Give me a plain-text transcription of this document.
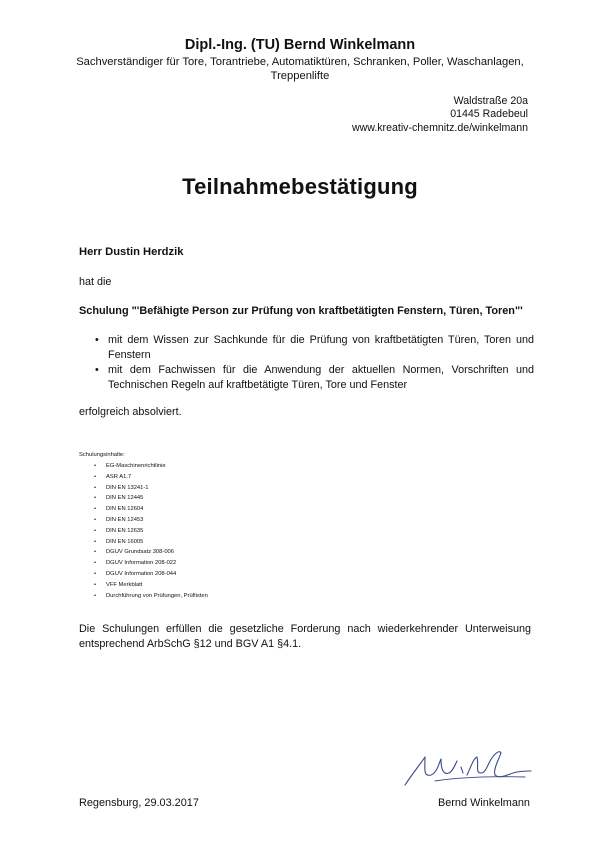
Dipl.-Ing. (TU) Bernd Winkelmann
Sachverständiger für Tore, Torantriebe, Automatiktüren, Schranken, Poller, Waschanlagen, Treppenlifte
Waldstraße 20a
01445 Radebeul
www.kreativ-chemnitz.de/winkelmann
Teilnahmebestätigung
Herr Dustin Herdzik
hat die
Schulung "'Befähigte Person zur Prüfung von kraftbetätigten Fenstern, Türen, Toren"'
• mit dem Wissen zur Sachkunde für die Prüfung von kraftbetätigten Türen, Toren und Fenstern
• mit dem Fachwissen für die Anwendung der aktuellen Normen, Vorschriften und Technischen Regeln auf kraftbetätigte Türen, Tore und Fenster
erfolgreich absolviert.
Schulungsinhalte:
• EG-Maschinenrichtlinie
• ASR A1.7
• DIN EN 13241-1
• DIN EN 12445
• DIN EN 12604
• DIN EN 12453
• DIN EN 12635
• DIN EN 16005
• DGUV Grundsatz 308-006
• DGUV Information 208-022
• DGUV Information 208-044
• VFF Merkblatt
• Durchführung von Prüfungen, Prüflisten
Die Schulungen erfüllen die gesetzliche Forderung nach wiederkehrender Unterweisung entsprechend ArbSchG §12 und BGV A1 §4.1.
Regensburg, 29.03.2017	Bernd Winkelmann
